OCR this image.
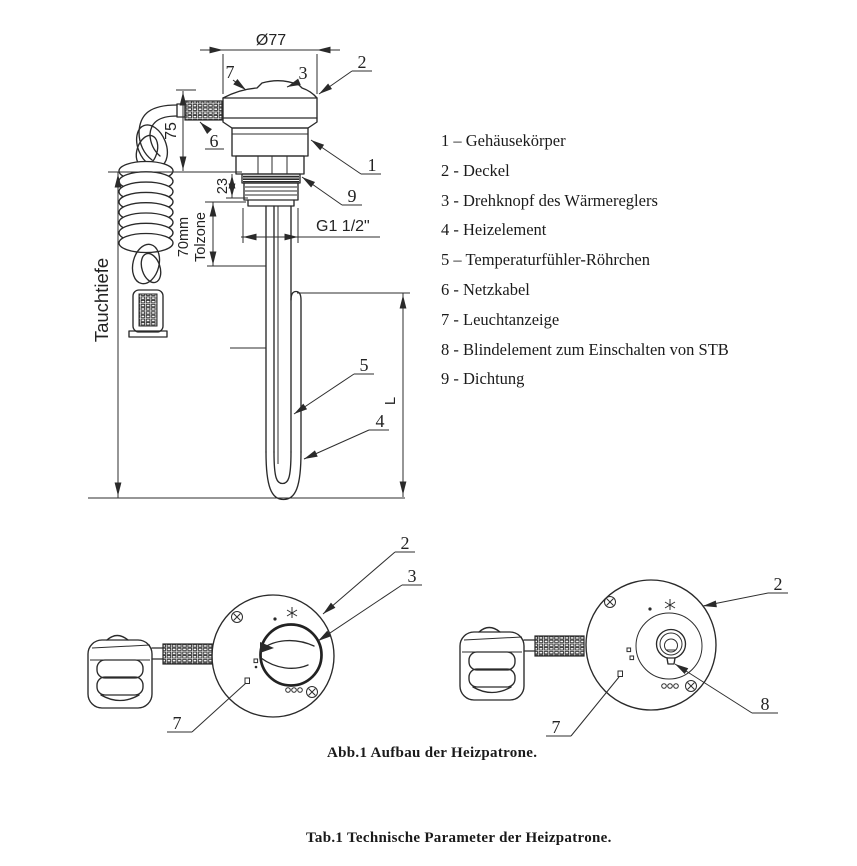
Ø77
75
Tauchtiefe
23
70mm Tolzone	G1 1/2"
L
7	3
2
6
1
9
5
4
2
3
7
2
8
7
1 – Gehäusekörper
2 - Deckel
3 - Drehknopf des Wärmereglers
4 - Heizelement
5 – Temperaturfühler-Röhrchen
6 - Netzkabel
7 - Leuchtanzeige
8 - Blindelement zum Einschalten von STB
9 - Dichtung
Abb.1 Aufbau der Heizpatrone.
Tab.1 Technische Parameter der Heizpatrone.
